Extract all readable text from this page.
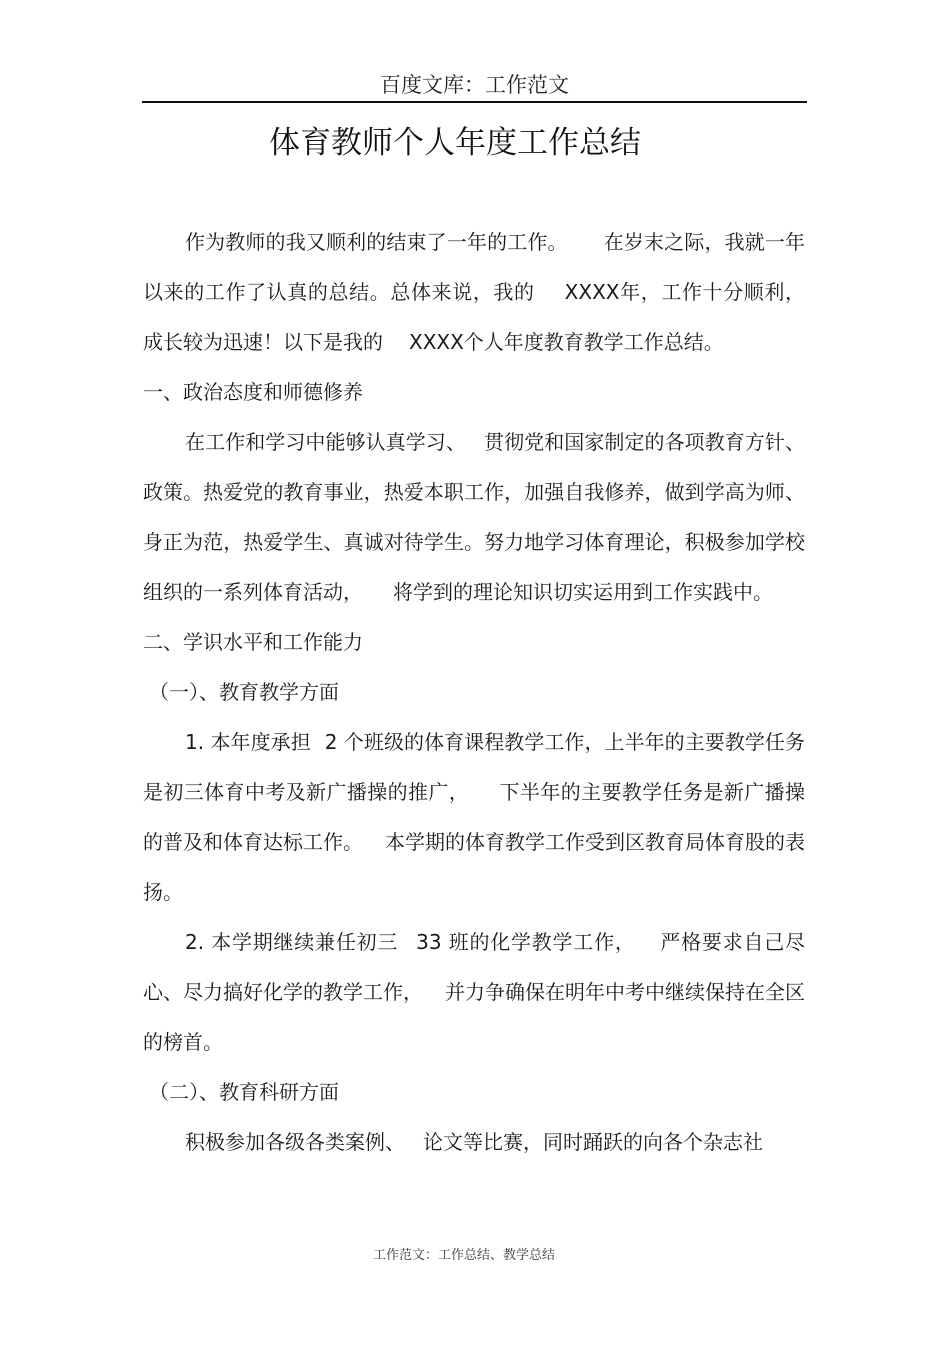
百度文库：工作范文
体育教师个人年度工作总结

作为教师的我又顺利的结束了一年的工作。 在岁末之际，我就一年以来的工作了认真的总结。总体来说，我的 XXXX年，工作十分顺利，成长较为迅速！以下是我的 XXXX个人年度教育教学工作总结。

一、政治态度和师德修养

在工作和学习中能够认真学习、 贯彻党和国家制定的各项教育方针、政策。热爱党的教育事业，热爱本职工作，加强自我修养，做到学高为师、身正为范，热爱学生、真诚对待学生。努力地学习体育理论，积极参加学校组织的一系列体育活动， 将学到的理论知识切实运用到工作实践中。

二、学识水平和工作能力

（一）、教育教学方面

1. 本年度承担 2 个班级的体育课程教学工作，上半年的主要教学任务是初三体育中考及新广播操的推广， 下半年的主要教学任务是新广播操的普及和体育达标工作。 本学期的体育教学工作受到区教育局体育股的表扬。

2. 本学期继续兼任初三 33 班的化学教学工作， 严格要求自己尽心、尽力搞好化学的教学工作， 并力争确保在明年中考中继续保持在全区的榜首。

（二）、教育科研方面

积极参加各级各类案例、 论文等比赛，同时踊跃的向各个杂志社

工作范文：工作总结、教学总结
